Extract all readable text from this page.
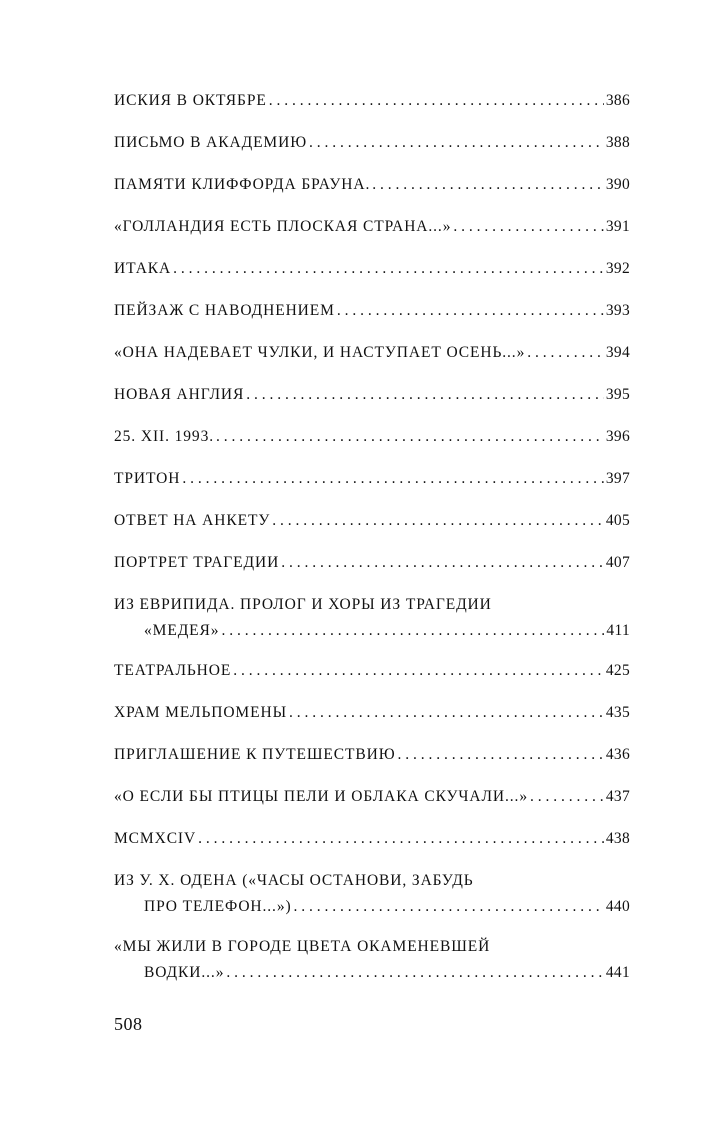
ИСКИЯ В ОКТЯБРЕ . . .	386
ПИСЬМО В АКАДЕМИЮ . . .	388
ПАМЯТИ КЛИФФОРДА БРАУНА. . . .	390
«ГОЛЛАНДИЯ ЕСТЬ ПЛОСКАЯ СТРАНА...» . . .	391
ИТАКА . . .	392
ПЕЙЗАЖ С НАВОДНЕНИЕМ . . .	393
«ОНА НАДЕВАЕТ ЧУЛКИ, И НАСТУПАЕТ ОСЕНЬ...» . . .	394
НОВАЯ АНГЛИЯ . . .	395
25. XII. 1993. . . .	396
ТРИТОН . . .	397
ОТВЕТ НА АНКЕТУ . . .	405
ПОРТРЕТ ТРАГЕДИИ . . .	407
ИЗ ЕВРИПИДА. ПРОЛОГ И ХОРЫ ИЗ ТРАГЕДИИ
«МЕДЕЯ» . . .	411
ТЕАТРАЛЬНОЕ . . .	425
ХРАМ МЕЛЬПОМЕНЫ . . .	435
ПРИГЛАШЕНИЕ К ПУТЕШЕСТВИЮ . . .	436
«О ЕСЛИ БЫ ПТИЦЫ ПЕЛИ И ОБЛАКА СКУЧАЛИ...» . . .	437
MCMXCIV . . .	438
ИЗ У. Х. ОДЕНА («ЧАСЫ ОСТАНОВИ, ЗАБУДЬ
ПРО ТЕЛЕФОН...») . . .	440
«МЫ ЖИЛИ В ГОРОДЕ ЦВЕТА ОКАМЕНЕВШЕЙ
ВОДКИ...» . . .	441
508
